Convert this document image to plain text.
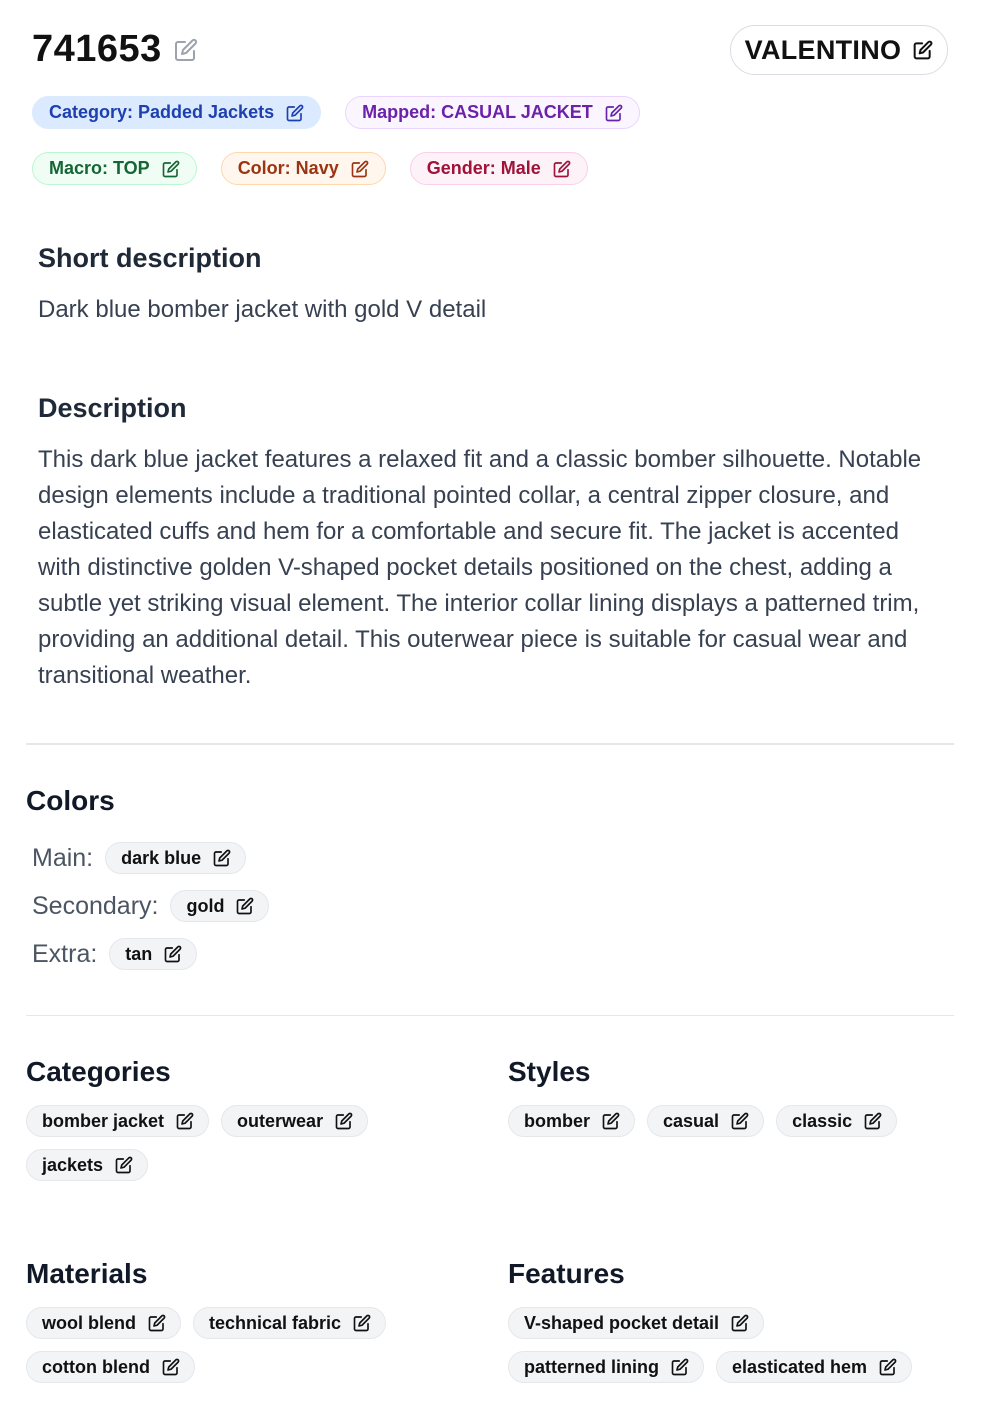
741653	VALENTINO
Category: Padded Jackets	Mapped: CASUAL JACKET
Macro: TOP	Color: Navy	Gender: Male
Short description
Dark blue bomber jacket with gold V detail
Description
This dark blue jacket features a relaxed fit and a classic bomber silhouette. Notable design elements include a traditional pointed collar, a central zipper closure, and elasticated cuffs and hem for a comfortable and secure fit. The jacket is accented with distinctive golden V-shaped pocket details positioned on the chest, adding a subtle yet striking visual element. The interior collar lining displays a patterned trim, providing an additional detail. This outerwear piece is suitable for casual wear and transitional weather.
Colors
Main: dark blue
Secondary: gold
Extra: tan
Categories
bomber jacket	outerwear
jackets
Styles
bomber	casual	classic
Materials
wool blend	technical fabric
cotton blend
Features
V-shaped pocket detail
patterned lining	elasticated hem
